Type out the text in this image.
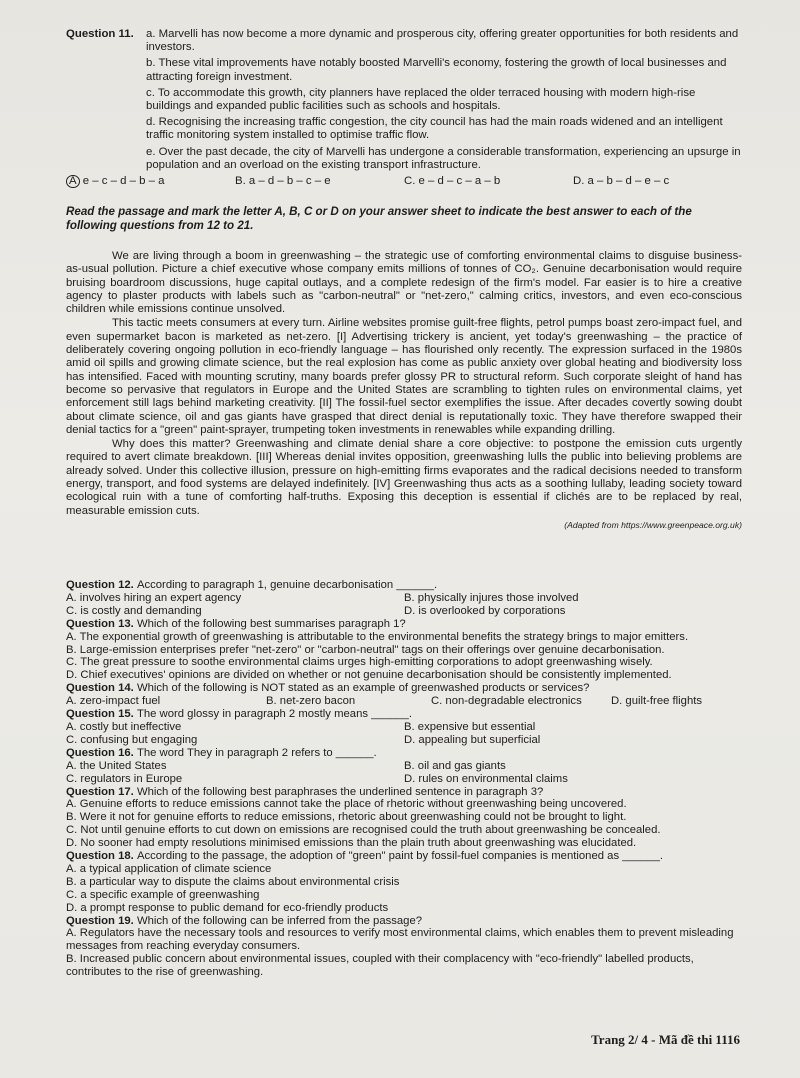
Question 11. a. Marvelli has now become a more dynamic and prosperous city, offering greater opportunities for both residents and investors.
b. These vital improvements have notably boosted Marvelli's economy, fostering the growth of local businesses and attracting foreign investment.
c. To accommodate this growth, city planners have replaced the older terraced housing with modern high-rise buildings and expanded public facilities such as schools and hospitals.
d. Recognising the increasing traffic congestion, the city council has had the main roads widened and an intelligent traffic monitoring system installed to optimise traffic flow.
e. Over the past decade, the city of Marvelli has undergone a considerable transformation, experiencing an upsurge in population and an overload on the existing transport infrastructure.
A e – c – d – b – a	B. a – d – b – c – e	C. e – d – c – a – b	D. a – b – d – e – c
Read the passage and mark the letter A, B, C or D on your answer sheet to indicate the best answer to each of the following questions from 12 to 21.

We are living through a boom in greenwashing – the strategic use of comforting environmental claims to disguise business-as-usual pollution. Picture a chief executive whose company emits millions of tonnes of CO₂. Genuine decarbonisation would require bruising boardroom discussions, huge capital outlays, and a complete redesign of the firm's model. Far easier is to hire a creative agency to plaster products with labels such as "carbon-neutral" or "net-zero," calming critics, investors, and even eco-conscious children while emissions continue unsolved.

This tactic meets consumers at every turn. Airline websites promise guilt-free flights, petrol pumps boast zero-impact fuel, and even supermarket bacon is marketed as net-zero. [I] Advertising trickery is ancient, yet today's greenwashing – the practice of deliberately covering ongoing pollution in eco-friendly language – has flourished only recently. The expression surfaced in the 1980s amid oil spills and growing climate science, but the real explosion has come as public anxiety over global heating and biodiversity loss has intensified. Faced with mounting scrutiny, many boards prefer glossy PR to structural reform. Such corporate sleight of hand has become so pervasive that regulators in Europe and the United States are scrambling to tighten rules on environmental claims, yet enforcement still lags behind marketing creativity. [II] The fossil-fuel sector exemplifies the issue. After decades covertly sowing doubt about climate science, oil and gas giants have grasped that direct denial is reputationally toxic. They have therefore swapped their denial tactics for a "green" paint-sprayer, trumpeting token investments in renewables while expanding drilling.

Why does this matter? Greenwashing and climate denial share a core objective: to postpone the emission cuts urgently required to avert climate breakdown. [III] Whereas denial invites opposition, greenwashing lulls the public into believing problems are already solved. Under this collective illusion, pressure on high-emitting firms evaporates and the radical decisions needed to transform energy, transport, and food systems are delayed indefinitely. [IV] Greenwashing thus acts as a soothing lullaby, leading society toward ecological ruin with a tune of comforting half-truths. Exposing this deception is essential if clichés are to be replaced by real, measurable emission cuts.

(Adapted from https://www.greenpeace.org.uk)
Question 12. According to paragraph 1, genuine decarbonisation ______.
A. involves hiring an expert agency	B. physically injures those involved
C. is costly and demanding	D. is overlooked by corporations
Question 13. Which of the following best summarises paragraph 1?
A. The exponential growth of greenwashing is attributable to the environmental benefits the strategy brings to major emitters.
B. Large-emission enterprises prefer "net-zero" or "carbon-neutral" tags on their offerings over genuine decarbonisation.
C. The great pressure to soothe environmental claims urges high-emitting corporations to adopt greenwashing wisely.
D. Chief executives' opinions are divided on whether or not genuine decarbonisation should be consistently implemented.
Question 14. Which of the following is NOT stated as an example of greenwashed products or services?
A. zero-impact fuel	B. net-zero bacon	C. non-degradable electronics	D. guilt-free flights
Question 15. The word glossy in paragraph 2 mostly means ______.
A. costly but ineffective	B. expensive but essential
C. confusing but engaging	D. appealing but superficial
Question 16. The word They in paragraph 2 refers to ______.
A. the United States	B. oil and gas giants
C. regulators in Europe	D. rules on environmental claims
Question 17. Which of the following best paraphrases the underlined sentence in paragraph 3?
A. Genuine efforts to reduce emissions cannot take the place of rhetoric without greenwashing being uncovered.
B. Were it not for genuine efforts to reduce emissions, rhetoric about greenwashing could not be brought to light.
C. Not until genuine efforts to cut down on emissions are recognised could the truth about greenwashing be concealed.
D. No sooner had empty resolutions minimised emissions than the plain truth about greenwashing was elucidated.
Question 18. According to the passage, the adoption of "green" paint by fossil-fuel companies is mentioned as ______.
A. a typical application of climate science
B. a particular way to dispute the claims about environmental crisis
C. a specific example of greenwashing
D. a prompt response to public demand for eco-friendly products
Question 19. Which of the following can be inferred from the passage?
A. Regulators have the necessary tools and resources to verify most environmental claims, which enables them to prevent misleading messages from reaching everyday consumers.
B. Increased public concern about environmental issues, coupled with their complacency with "eco-friendly" labelled products, contributes to the rise of greenwashing.
Trang 2/ 4 - Mã đề thi 1116
